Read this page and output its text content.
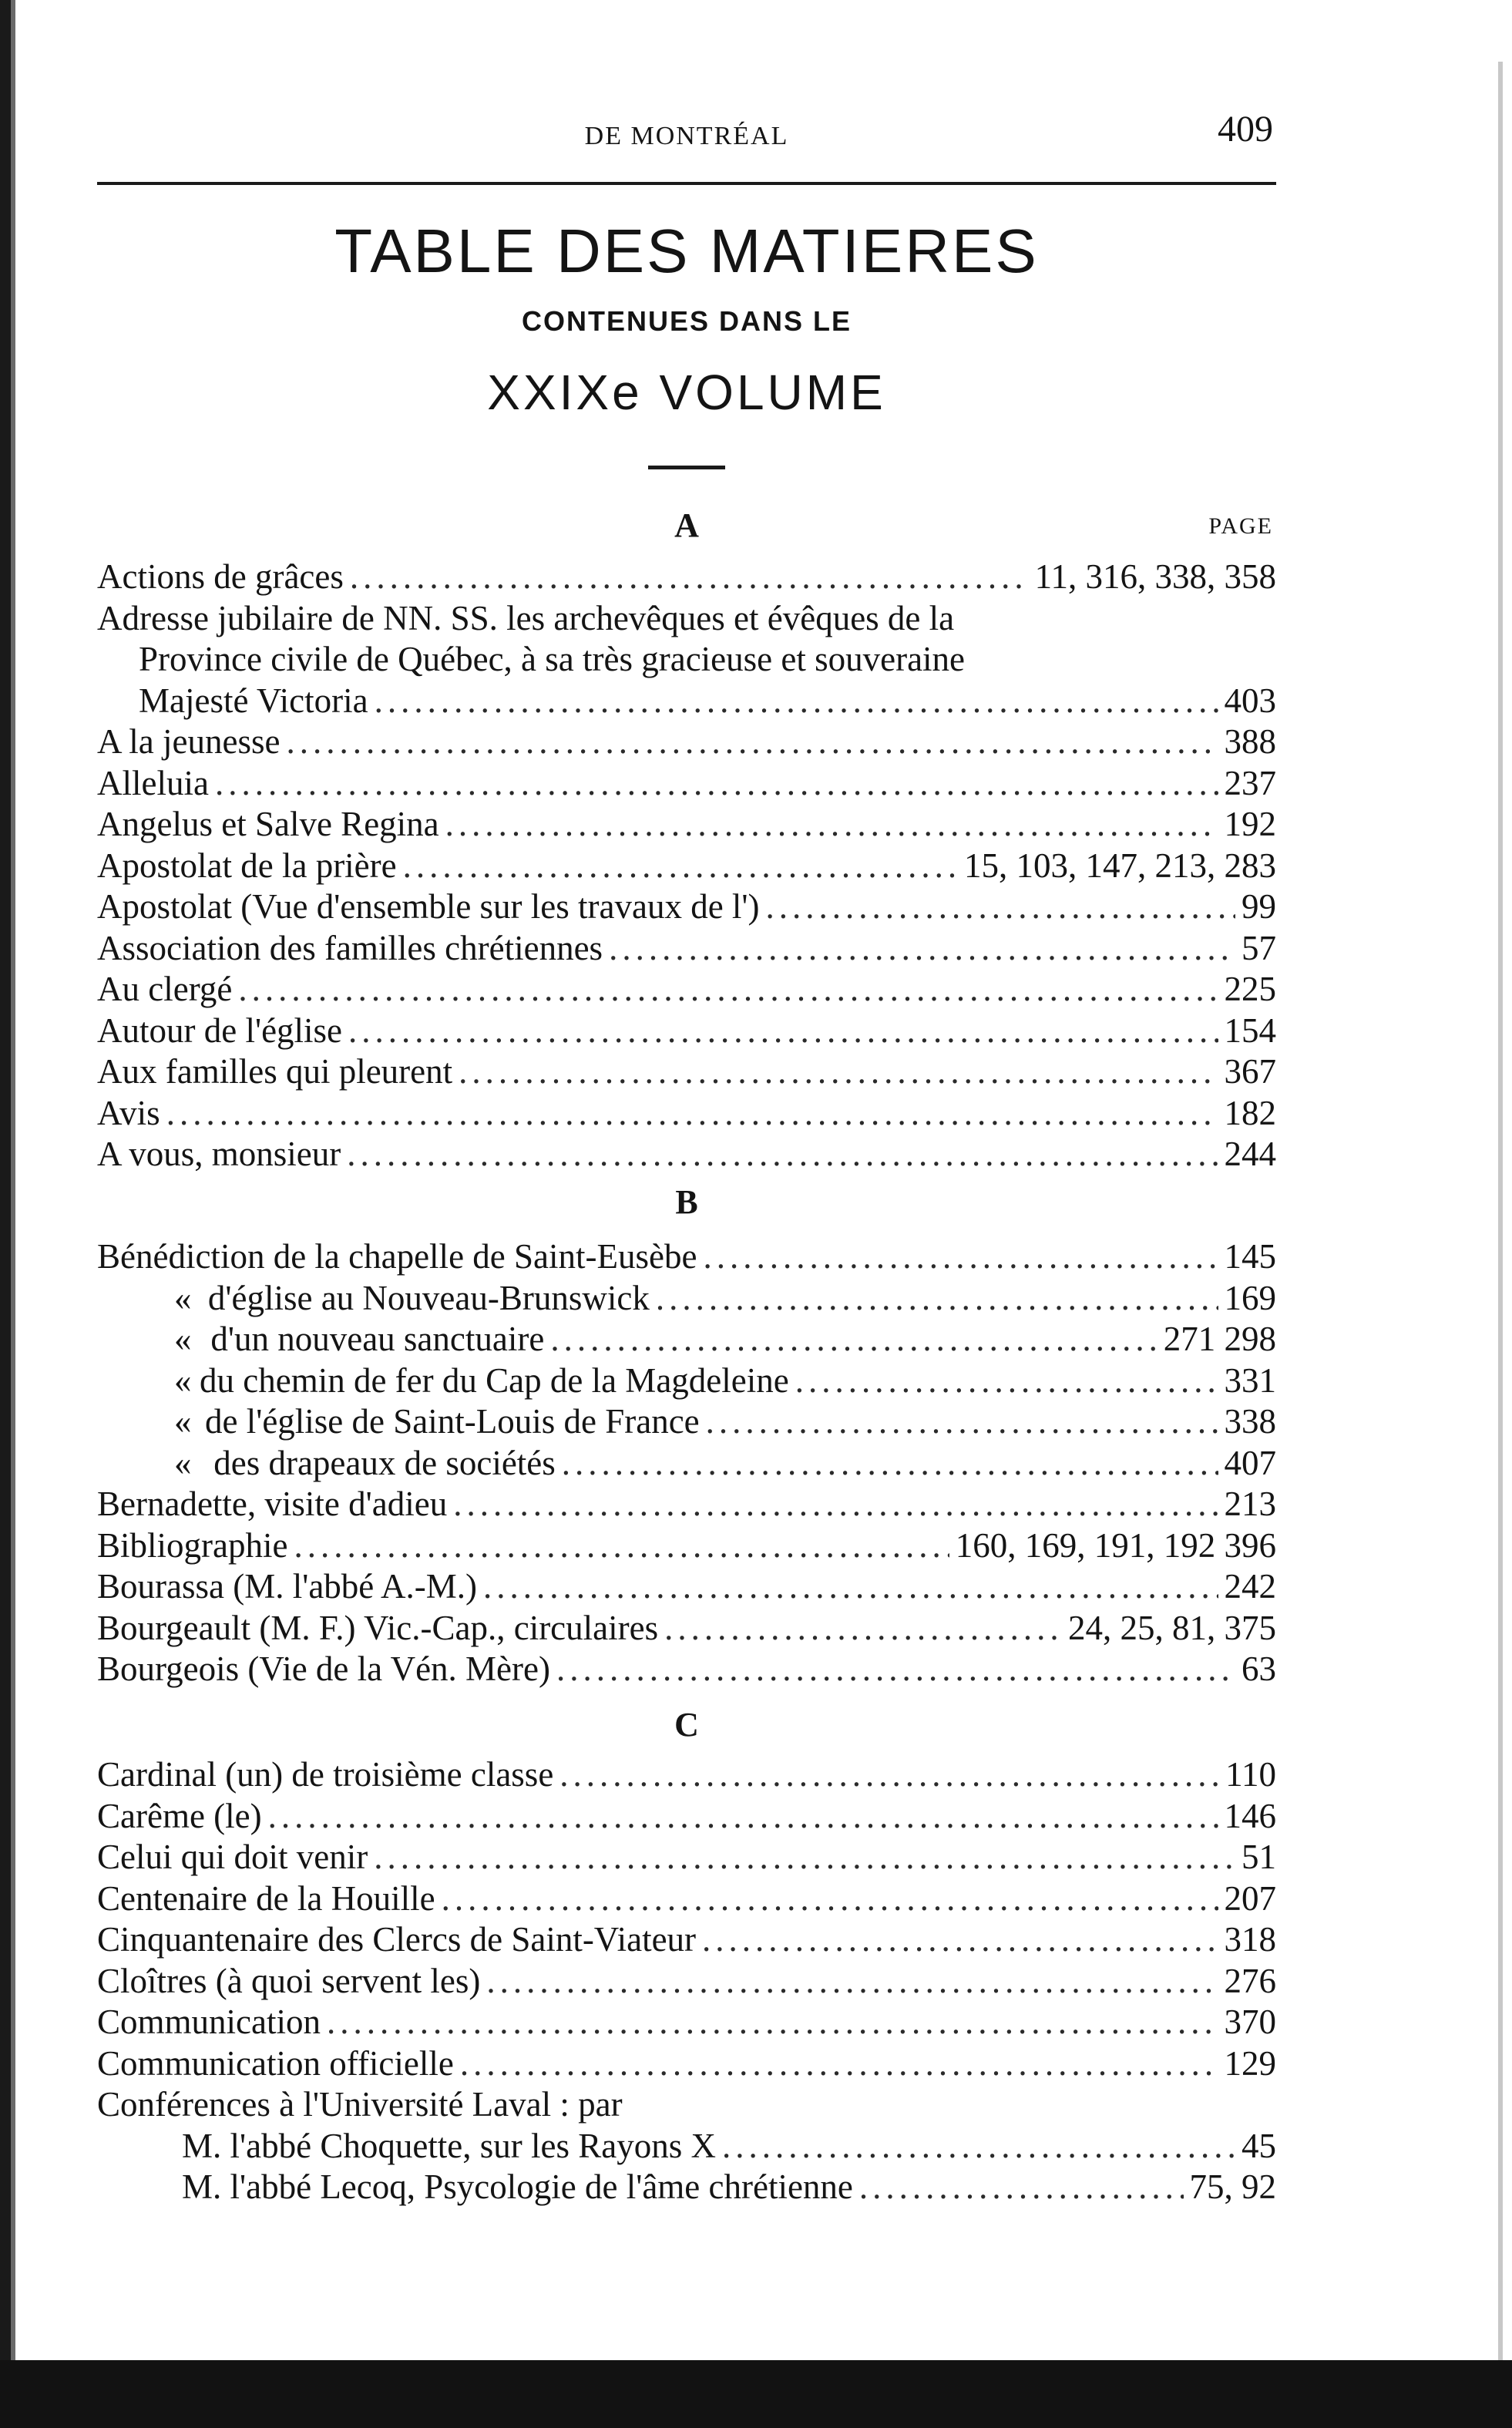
DE MONTRÉAL	409
TABLE DES MATIERES
CONTENUES DANS LE
XXIXe VOLUME
A	PAGE
Actions de grâces .....	11, 316, 338, 358
Adresse jubilaire de NN. SS. les archevêques et évêques de la
Province civile de Québec, à sa très gracieuse et souveraine
Majesté Victoria .....	403
A la jeunesse .....	388
Alleluia .....	237
Angelus et Salve Regina .....	192
Apostolat de la prière .....	15, 103, 147, 213, 283
Apostolat (Vue d'ensemble sur les travaux de l') .....	99
Association des familles chrétiennes .....	57
Au clergé .....	225
Autour de l'église .....	154
Aux familles qui pleurent .....	367
Avis .....	182
A vous, monsieur .....	244
B
Bénédiction de la chapelle de Saint-Eusèbe .....	145
« d'église au Nouveau-Brunswick .....	169
« d'un nouveau sanctuaire .....	271 298
« du chemin de fer du Cap de la Magdeleine .....	331
« de l'église de Saint-Louis de France .....	338
« des drapeaux de sociétés .....	407
Bernadette, visite d'adieu .....	213
Bibliographie .....	160, 169, 191, 192 396
Bourassa (M. l'abbé A.-M.) .....	242
Bourgeault (M. F.) Vic.-Cap., circulaires .....	24, 25, 81, 375
Bourgeois (Vie de la Vén. Mère) .....	63
C
Cardinal (un) de troisième classe .....	110
Carême (le) .....	146
Celui qui doit venir .....	51
Centenaire de la Houille .....	207
Cinquantenaire des Clercs de Saint-Viateur .....	318
Cloîtres (à quoi servent les) .....	276
Communication .....	370
Communication officielle .....	129
Conférences à l'Université Laval : par
M. l'abbé Choquette, sur les Rayons X .....	45
M. l'abbé Lecoq, Psycologie de l'âme chrétienne .....	75, 92
